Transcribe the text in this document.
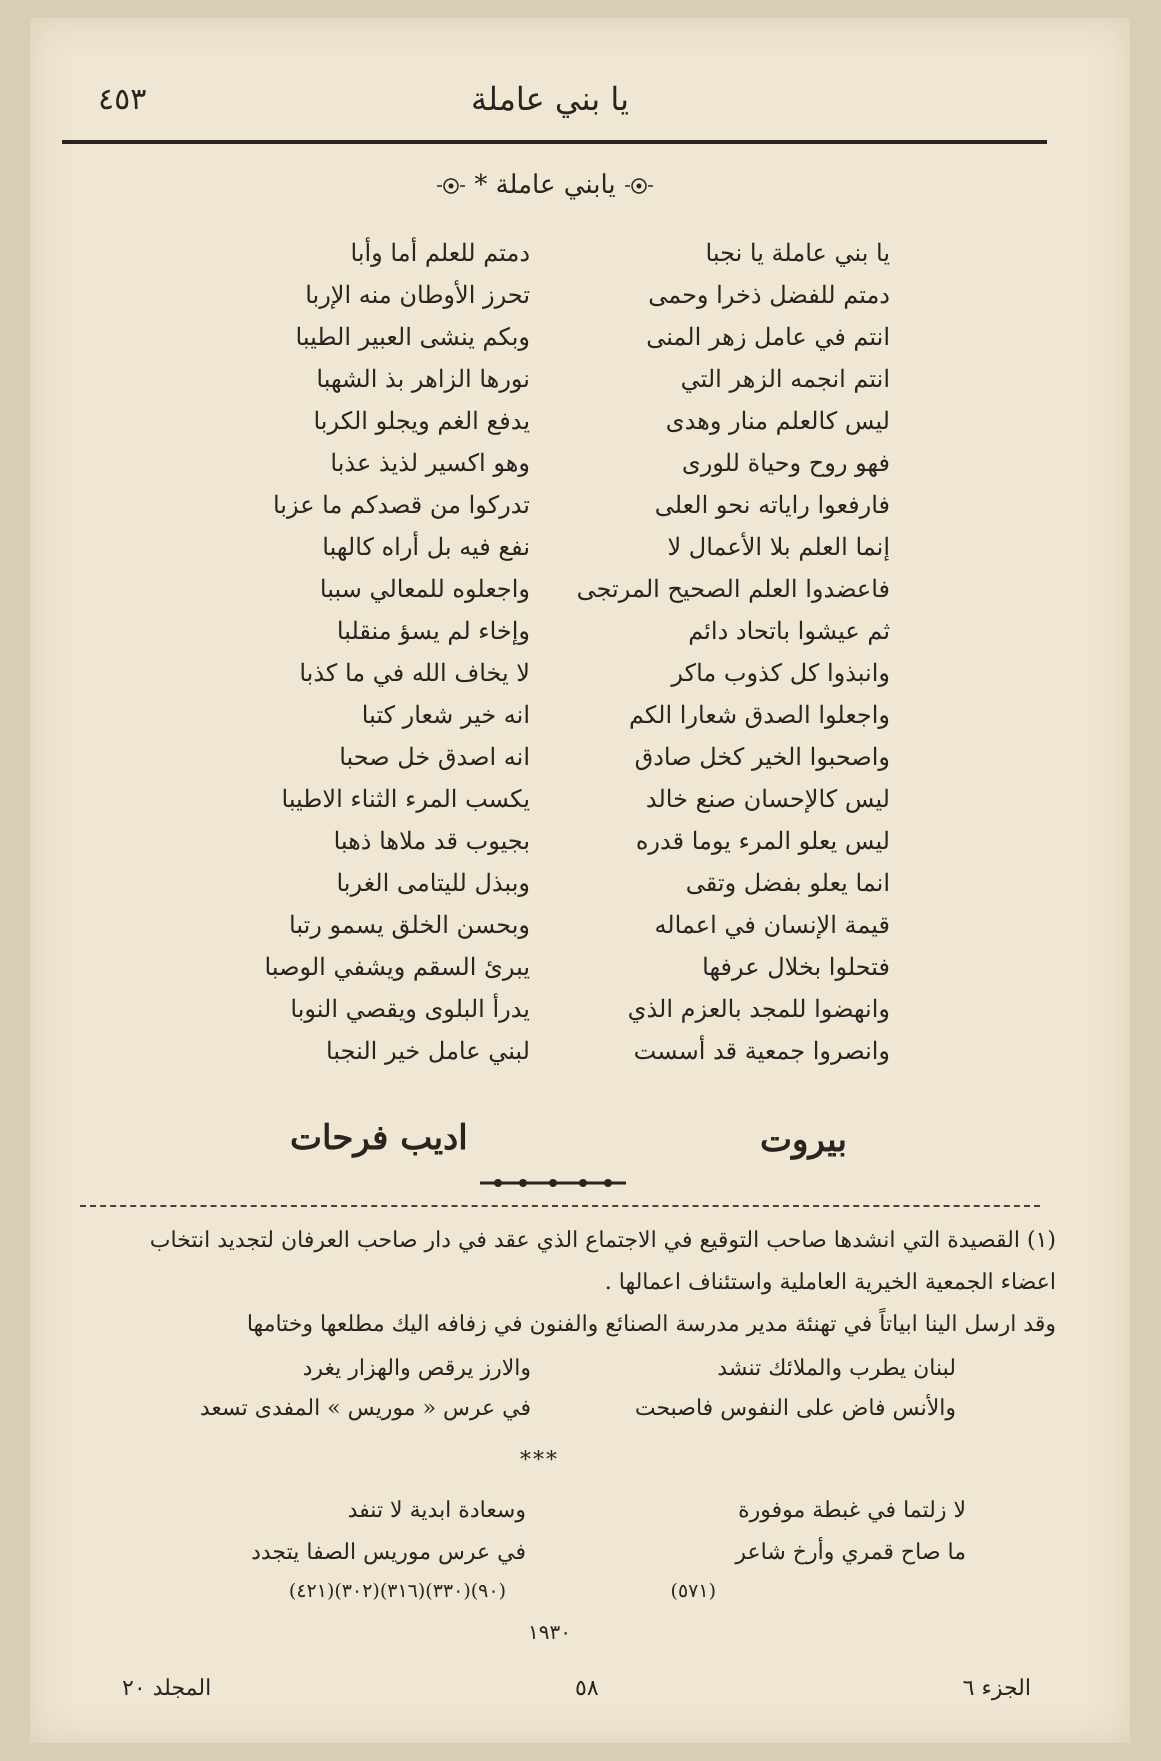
٤٥٣	يا بني عاملة
يابني عاملة *
يا بني عاملة يا نجبا
دمتم للفضل ذخرا وحمى
انتم في عامل زهر المنى
انتم انجمه الزهر التي
ليس كالعلم منار وهدى
فهو روح وحياة للورى
فارفعوا راياته نحو العلى
إنما العلم بلا الأعمال لا
فاعضدوا العلم الصحيح المرتجى
ثم عيشوا باتحاد دائم
وانبذوا كل كذوب ماكر
واجعلوا الصدق شعارا الكم
واصحبوا الخير كخل صادق
ليس كالإحسان صنع خالد
ليس يعلو المرء يوما قدره
انما يعلو بفضل وتقى
قيمة الإنسان في اعماله
فتحلوا بخلال عرفها
وانهضوا للمجد بالعزم الذي
وانصروا جمعية قد أسست
دمتم للعلم أما وأبا
تحرز الأوطان منه الإربا
وبكم ينشى العبير الطيبا
نورها الزاهر بذ الشهبا
يدفع الغم ويجلو الكربا
وهو اكسير لذيذ عذبا
تدركوا من قصدكم ما عزبا
نفع فيه بل أراه كالهبا
واجعلوه للمعالي سببا
وإخاء لم يسؤ منقلبا
لا يخاف الله في ما كذبا
انه خير شعار كتبا
انه اصدق خل صحبا
يكسب المرء الثناء الاطيبا
بجيوب قد ملاها ذهبا
وببذل لليتامى الغربا
وبحسن الخلق يسمو رتبا
يبرئ السقم ويشفي الوصبا
يدرأ البلوى ويقصي النوبا
لبني عامل خير النجبا
بيروت
اديب فرحات
(١) القصيدة التي انشدها صاحب التوقيع في الاجتماع الذي عقد في دار صاحب العرفان لتجديد انتخاب
اعضاء الجمعية الخيرية العاملية واستئناف اعمالها .
وقد ارسل الينا ابياتاً في تهنئة مدير مدرسة الصنائع والفنون في زفافه اليك مطلعها وختامها
لبنان يطرب والملائك تنشد
والارز يرقص والهزار يغرد
والأنس فاض على النفوس فاصبحت
في عرس « موريس » المفدى تسعد
***
لا زلتما في غبطة موفورة
وسعادة ابدية لا تنفد
ما صاح قمري وأرخ شاعر
في عرس موريس الصفا يتجدد
(٥٧١)
(٩٠)(٣٣٠)(٣١٦)(٣٠٢)(٤٢١)
١٩٣٠
الجزء ٦
٥٨
المجلد ٢٠
